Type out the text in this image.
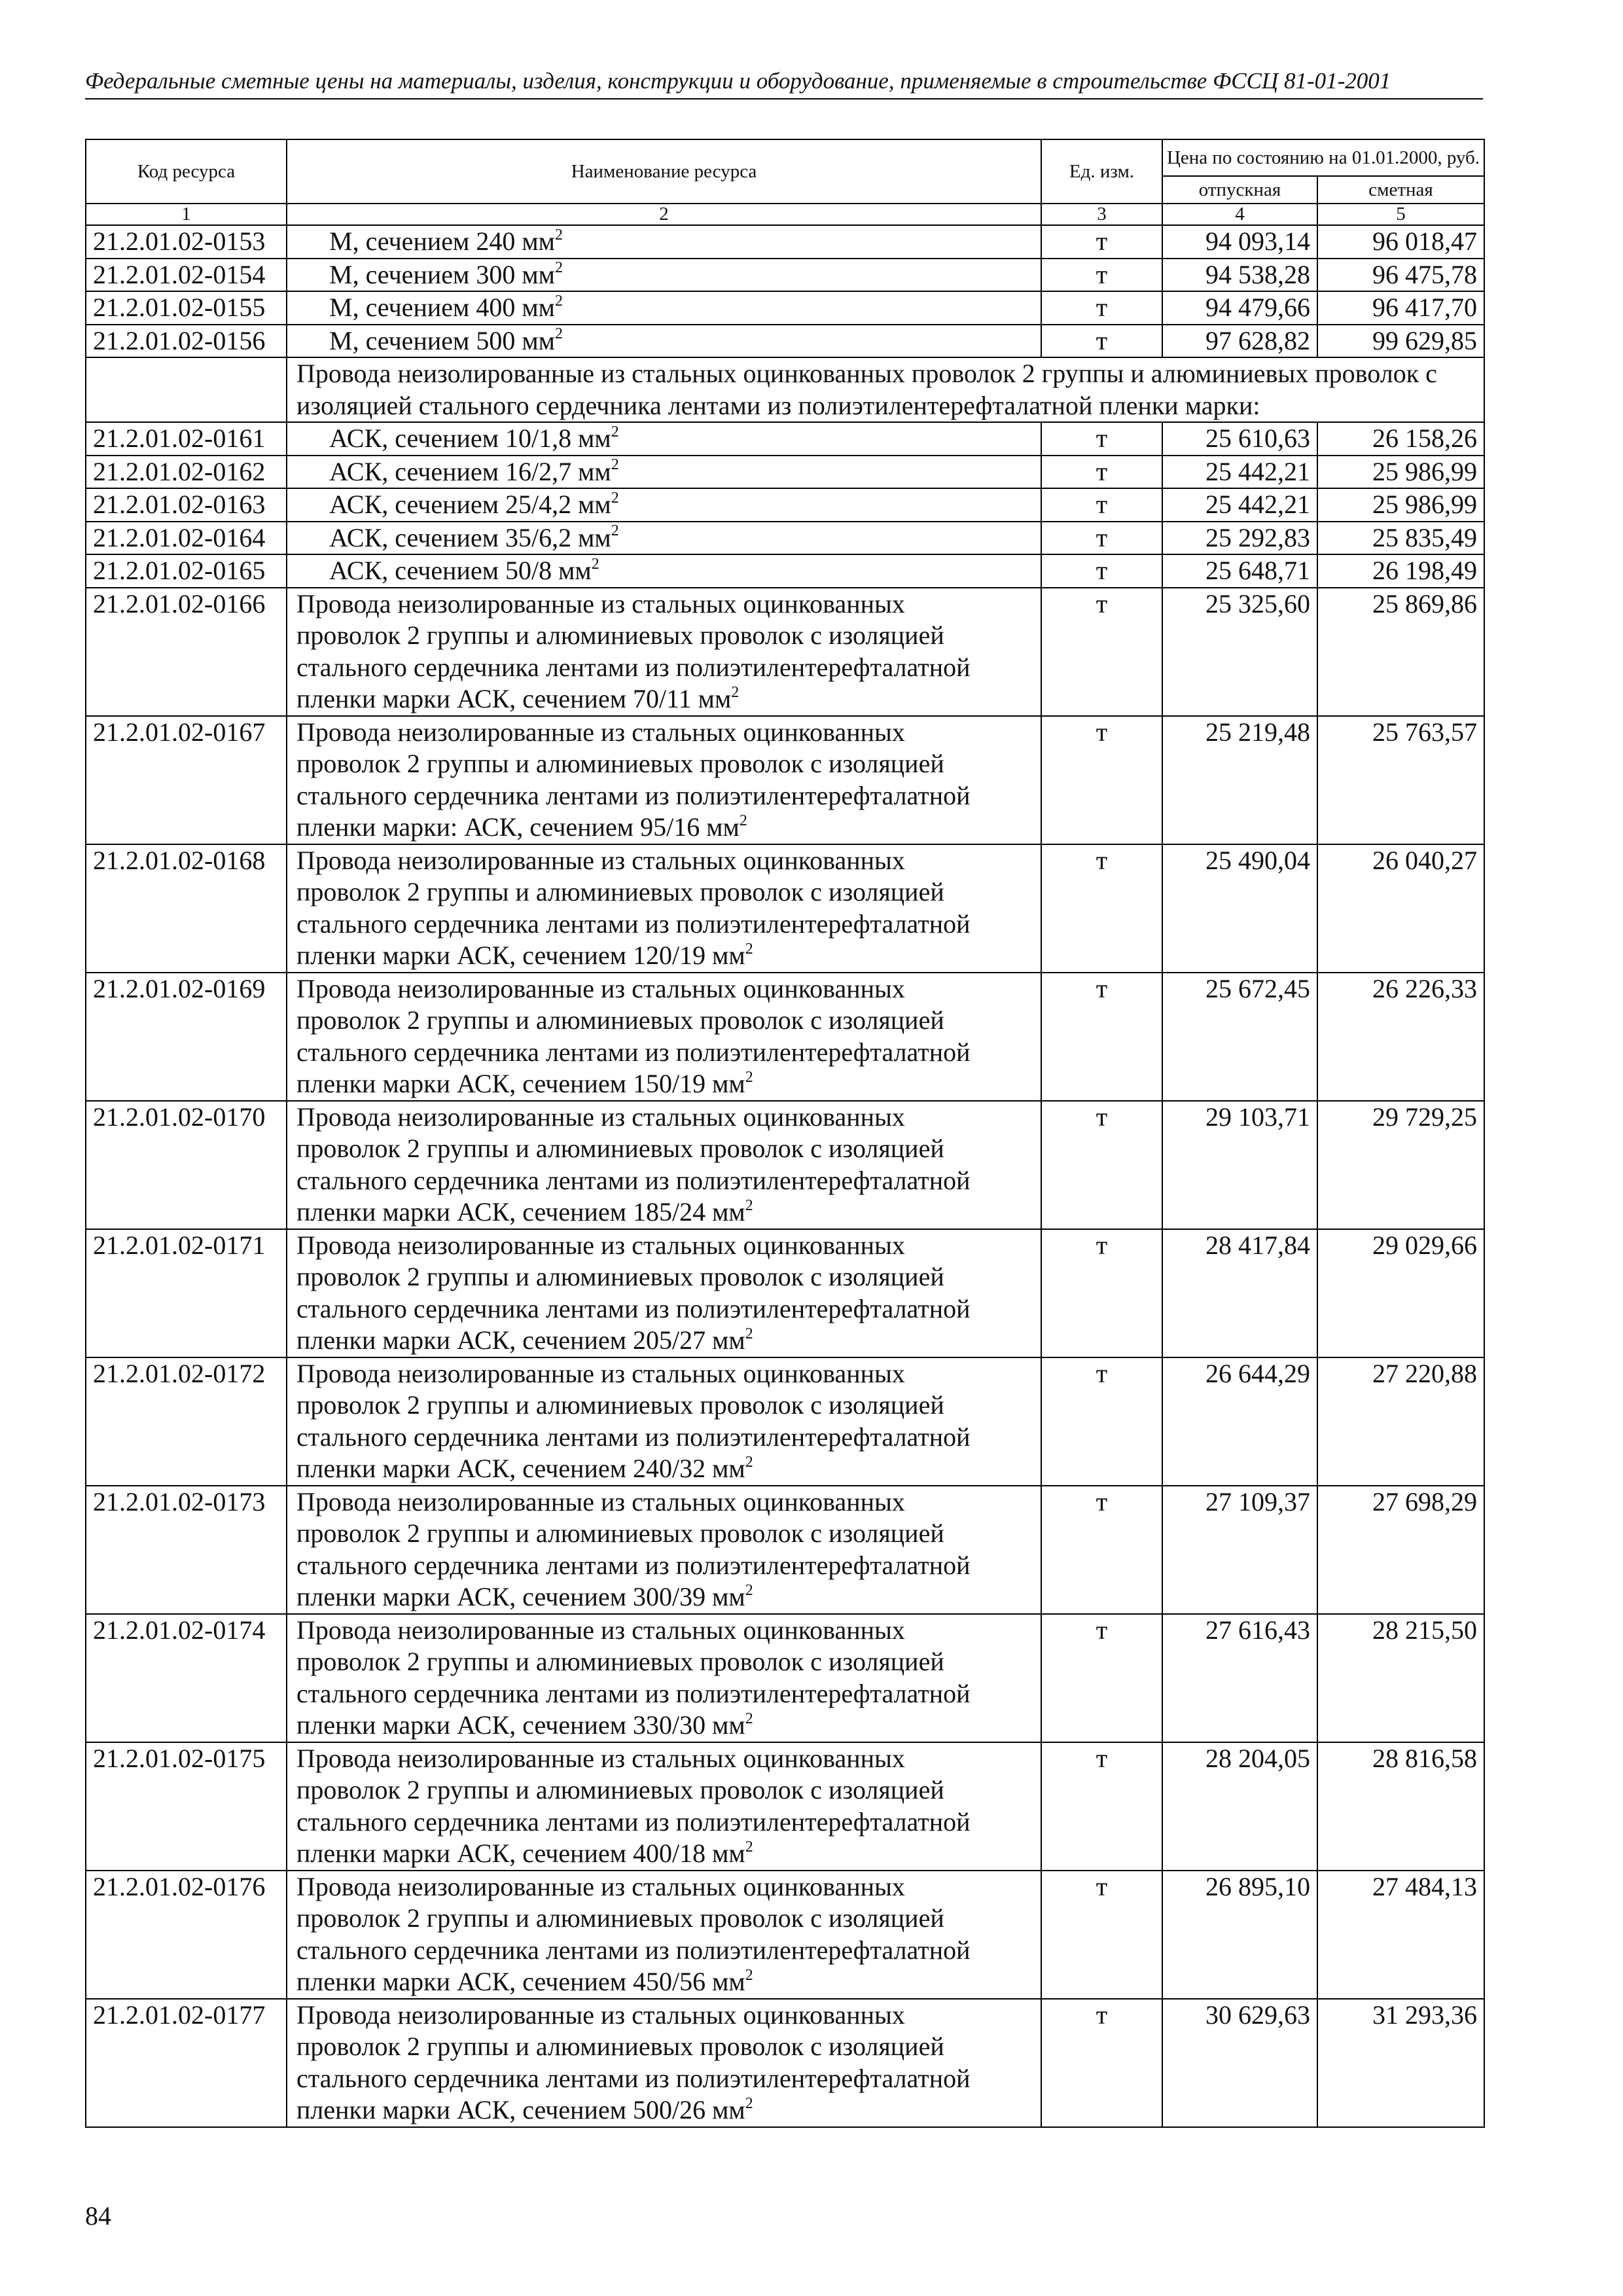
Федеральные сметные цены на материалы, изделия, конструкции и оборудование, применяемые в строительстве ФССЦ 81-01-2001
Код ресурса	Наименование ресурса	Ед. изм.	Цена по состоянию на 01.01.2000, руб.	
			отпускная	сметная
1	2	3	4	5
21.2.01.02-0153	М, сечением 240 $мм^2$	т	94 093,14	96 018,47
21.2.01.02-0154	М, сечением 300 $мм^2$	т	94 538,28	96 475,78
21.2.01.02-0155	М, сечением 400 $мм^2$	т	94 479,66	96 417,70
21.2.01.02-0156	М, сечением 500 $мм^2$	т	97 628,82	99 629,85
	Провода неизолированные из стальных оцинкованных проволок 2 группы и алюминиевых проволок с изоляцией стального сердечника лентами из полиэтилентерефталатной пленки марки:			
21.2.01.02-0161	АСК, сечением 10/1,8 $мм^2$	т	25 610,63	26 158,26
21.2.01.02-0162	АСК, сечением 16/2,7 $мм^2$	т	25 442,21	25 986,99
21.2.01.02-0163	АСК, сечением 25/4,2 $мм^2$	т	25 442,21	25 986,99
21.2.01.02-0164	АСК, сечением 35/6,2 $мм^2$	т	25 292,83	25 835,49
21.2.01.02-0165	АСК, сечением 50/8 $мм^2$	т	25 648,71	26 198,49
21.2.01.02-0166	Провода неизолированные из стальных оцинкованных
проволок 2 группы и алюминиевых проволок с изоляцией
стального сердечника лентами из полиэтилентерефталатной
пленки марки АСК, сечением 70/11 $мм^2$	т	25 325,60	25 869,86
21.2.01.02-0167	Провода неизолированные из стальных оцинкованных
проволок 2 группы и алюминиевых проволок с изоляцией
стального сердечника лентами из полиэтилентерефталатной
пленки марки: АСК, сечением 95/16 $мм^2$	т	25 219,48	25 763,57
21.2.01.02-0168	Провода неизолированные из стальных оцинкованных
проволок 2 группы и алюминиевых проволок с изоляцией
стального сердечника лентами из полиэтилентерефталатной
пленки марки АСК, сечением 120/19 $мм^2$	т	25 490,04	26 040,27
21.2.01.02-0169	Провода неизолированные из стальных оцинкованных
проволок 2 группы и алюминиевых проволок с изоляцией
стального сердечника лентами из полиэтилентерефталатной
пленки марки АСК, сечением 150/19 $мм^2$	т	25 672,45	26 226,33
21.2.01.02-0170	Провода неизолированные из стальных оцинкованных
проволок 2 группы и алюминиевых проволок с изоляцией
стального сердечника лентами из полиэтилентерефталатной
пленки марки АСК, сечением 185/24 $мм^2$	т	29 103,71	29 729,25
21.2.01.02-0171	Провода неизолированные из стальных оцинкованных
проволок 2 группы и алюминиевых проволок с изоляцией
стального сердечника лентами из полиэтилентерефталатной
пленки марки АСК, сечением 205/27 $мм^2$	т	28 417,84	29 029,66
21.2.01.02-0172	Провода неизолированные из стальных оцинкованных
проволок 2 группы и алюминиевых проволок с изоляцией
стального сердечника лентами из полиэтилентерефталатной
пленки марки АСК, сечением 240/32 $мм^2$	т	26 644,29	27 220,88
21.2.01.02-0173	Провода неизолированные из стальных оцинкованных
проволок 2 группы и алюминиевых проволок с изоляцией
стального сердечника лентами из полиэтилентерефталатной
пленки марки АСК, сечением 300/39 $мм^2$	т	27 109,37	27 698,29
21.2.01.02-0174	Провода неизолированные из стальных оцинкованных
проволок 2 группы и алюминиевых проволок с изоляцией
стального сердечника лентами из полиэтилентерефталатной
пленки марки АСК, сечением 330/30 $мм^2$	т	27 616,43	28 215,50
21.2.01.02-0175	Провода неизолированные из стальных оцинкованных
проволок 2 группы и алюминиевых проволок с изоляцией
стального сердечника лентами из полиэтилентерефталатной
пленки марки АСК, сечением 400/18 $мм^2$	т	28 204,05	28 816,58
21.2.01.02-0176	Провода неизолированные из стальных оцинкованных
проволок 2 группы и алюминиевых проволок с изоляцией
стального сердечника лентами из полиэтилентерефталатной
пленки марки АСК, сечением 450/56 $мм^2$	т	26 895,10	27 484,13
21.2.01.02-0177	Провода неизолированные из стальных оцинкованных
проволок 2 группы и алюминиевых проволок с изоляцией
стального сердечника лентами из полиэтилентерефталатной
пленки марки АСК, сечением 500/26 $мм^2$	т	30 629,63	31 293,36
84
